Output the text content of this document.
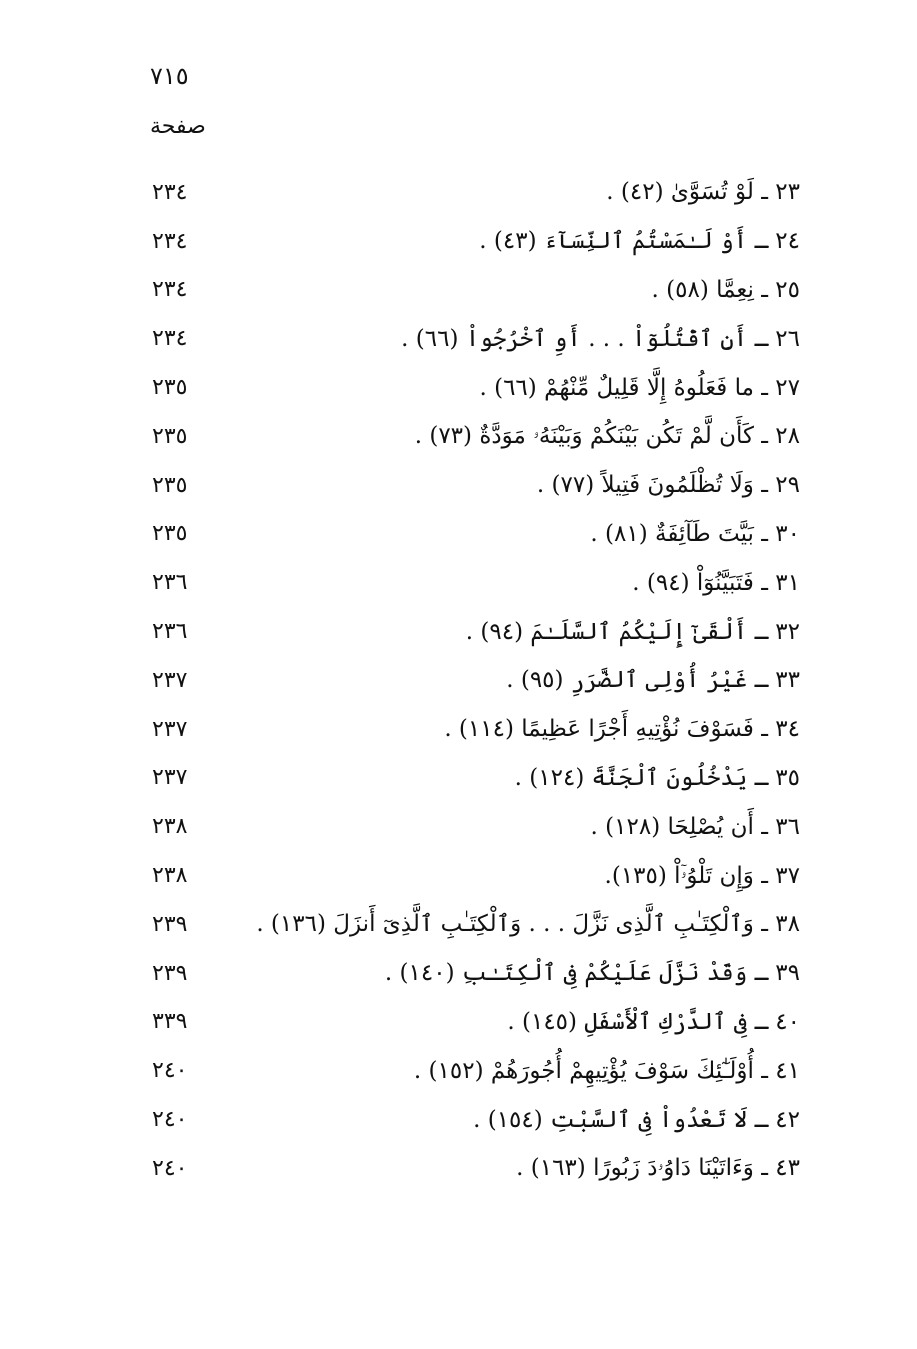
٧١٥
صفحة
٢٣ ـ لَوْ تُسَوَّىٰ (٤٢) .
٢٣٤
٢٤ ـ أَوْ لَـٰمَسْتُمُ ٱلنِّسَآءَ (٤٣) .
٢٣٤
٢٥ ـ نِعِمَّا (٥٨) .
٢٣٤
٢٦ ـ أَنِ ٱقْتُلُوٓاْ . . . أَوِ ٱخْرُجُواْ (٦٦) .
٢٣٤
٢٧ ـ ما فَعَلُوهُ إِلَّا قَلِيلٌ مِّنْهُمْ (٦٦) .
٢٣٥
٢٨ ـ كَأَن لَّمْ تَكُن بَيْنَكُمْ وَبَيْنَهُۥ مَوَدَّةٌ (٧٣) .
٢٣٥
٢٩ ـ وَلَا تُظْلَمُونَ فَتِيلاً (٧٧) .
٢٣٥
٣٠ ـ بَيَّتَ طَآئِفَةٌ (٨١) .
٢٣٥
٣١ ـ فَتَبَيَّنُوٓاْ (٩٤) .
٢٣٦
٣٢ ـ أَلْقَىٰٓ إِلَيْكُمُ ٱلسَّلَـٰمَ (٩٤) .
٢٣٦
٣٣ ـ غَيْرُ أُوْلِى ٱلضَّرَرِ (٩٥) .
٢٣٧
٣٤ ـ فَسَوْفَ نُؤْتِيهِ أَجْرًا عَظِيمًا (١١٤) .
٢٣٧
٣٥ ـ يَدْخُلُونَ ٱلْجَنَّةَ (١٢٤) .
٢٣٧
٣٦ ـ أَن يُصْلِحَا (١٢٨) .
٢٣٨
٣٧ ـ وَإِن تَلْوُۥٓاْ (١٣٥).
٢٣٨
٣٨ ـ وَٱلْكِتَـٰبِ ٱلَّذِى نَزَّلَ . . . وَٱلْكِتَـٰبِ ٱلَّذِىٓ أَنزَلَ (١٣٦) .
٢٣٩
٣٩ ـ وَقَدْ نَزَّلَ عَلَيْكُمْ فِى ٱلْكِتَـٰبِ (١٤٠) .
٢٣٩
٤٠ ـ فِى ٱلدَّرْكِ ٱلْأَسْفَلِ (١٤٥) .
٣٣٩
٤١ ـ أُوْلَـٰٓئِكَ سَوْفَ يُؤْتِيهِمْ أُجُورَهُمْ (١٥٢) .
٢٤٠
٤٢ ـ لَا تَعْدُواْ فِى ٱلسَّبْتِ (١٥٤) .
٢٤٠
٤٣ ـ وَءَاتَيْنَا دَاوُۥدَ زَبُورًا (١٦٣) .
٢٤٠
